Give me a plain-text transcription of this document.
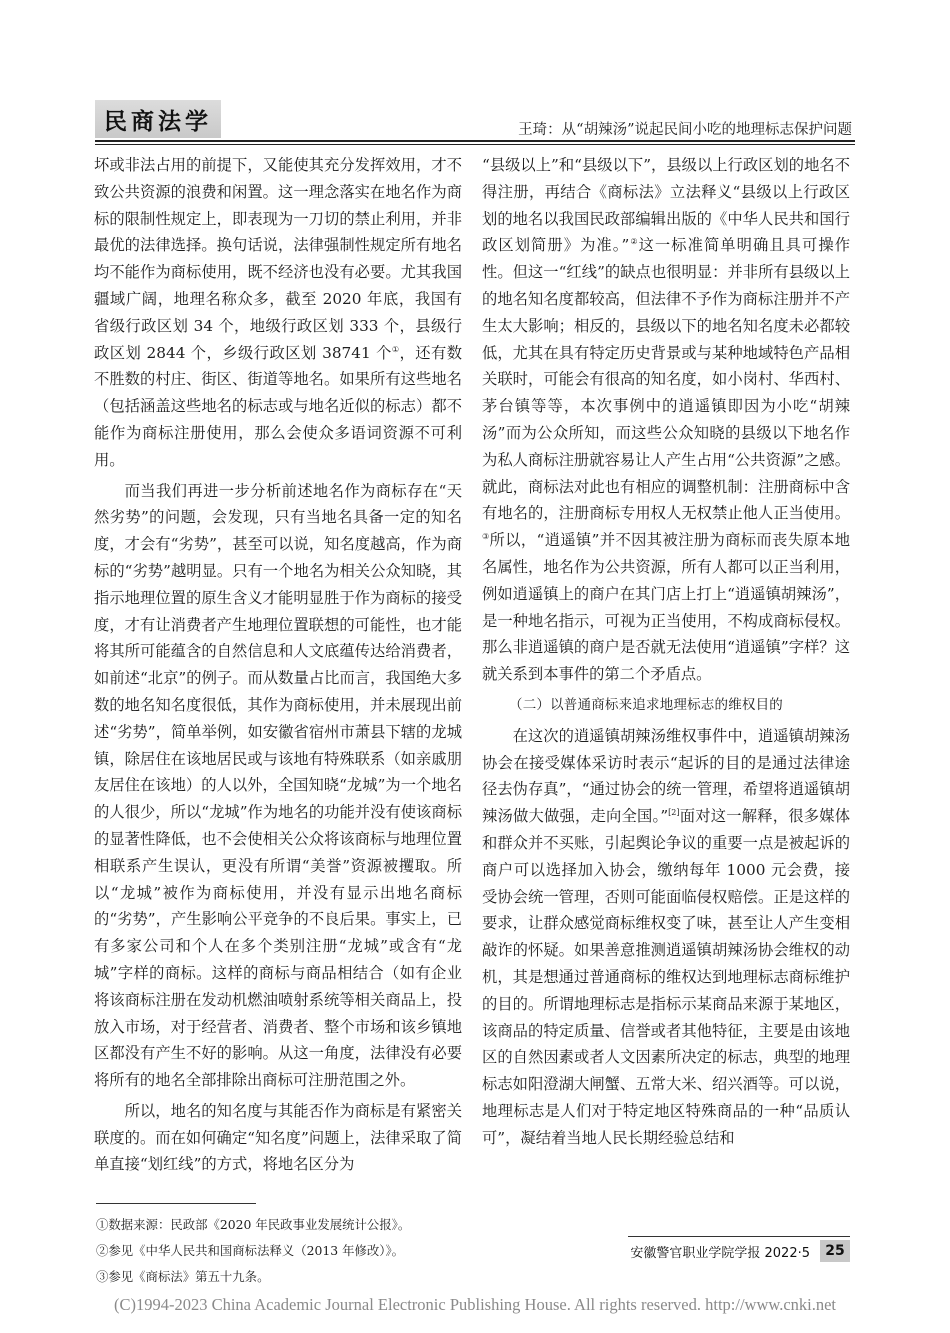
民商法学	王琦：从“胡辣汤”说起民间小吃的地理标志保护问题

坏或非法占用的前提下，又能使其充分发挥效用，才不致公共资源的浪费和闲置。这一理念落实在地名作为商标的限制性规定上，即表现为一刀切的禁止利用，并非最优的法律选择。换句话说，法律强制性规定所有地名均不能作为商标使用，既不经济也没有必要。尤其我国疆域广阔，地理名称众多，截至 2020 年底，我国有省级行政区划 34 个，地级行政区划 333 个，县级行政区划 2844 个，乡级行政区划 38741 个①，还有数不胜数的村庄、街区、街道等地名。如果所有这些地名（包括涵盖这些地名的标志或与地名近似的标志）都不能作为商标注册使用，那么会使众多语词资源不可利用。

而当我们再进一步分析前述地名作为商标存在“天然劣势”的问题，会发现，只有当地名具备一定的知名度，才会有“劣势”，甚至可以说，知名度越高，作为商标的“劣势”越明显。只有一个地名为相关公众知晓，其指示地理位置的原生含义才能明显胜于作为商标的接受度，才有让消费者产生地理位置联想的可能性，也才能将其所可能蕴含的自然信息和人文底蕴传达给消费者，如前述“北京”的例子。而从数量占比而言，我国绝大多数的地名知名度很低，其作为商标使用，并未展现出前述“劣势”，简单举例，如安徽省宿州市萧县下辖的龙城镇，除居住在该地居民或与该地有特殊联系（如亲戚朋友居住在该地）的人以外，全国知晓“龙城”为一个地名的人很少，所以“龙城”作为地名的功能并没有使该商标的显著性降低，也不会使相关公众将该商标与地理位置相联系产生误认，更没有所谓“美誉”资源被攫取。所以“龙城”被作为商标使用，并没有显示出地名商标的“劣势”，产生影响公平竞争的不良后果。事实上，已有多家公司和个人在多个类别注册“龙城”或含有“龙城”字样的商标。这样的商标与商品相结合（如有企业将该商标注册在发动机燃油喷射系统等相关商品上，投放入市场，对于经营者、消费者、整个市场和该乡镇地区都没有产生不好的影响。从这一角度，法律没有必要将所有的地名全部排除出商标可注册范围之外。

所以，地名的知名度与其能否作为商标是有紧密关联度的。而在如何确定“知名度”问题上，法律采取了简单直接“划红线”的方式，将地名区分为

“县级以上”和“县级以下”，县级以上行政区划的地名不得注册，再结合《商标法》立法释义“县级以上行政区划的地名以我国民政部编辑出版的《中华人民共和国行政区划简册》为准。”②这一标准简单明确且具可操作性。但这一“红线”的缺点也很明显：并非所有县级以上的地名知名度都较高，但法律不予作为商标注册并不产生太大影响；相反的，县级以下的地名知名度未必都较低，尤其在具有特定历史背景或与某种地域特色产品相关联时，可能会有很高的知名度，如小岗村、华西村、茅台镇等等，本次事例中的逍遥镇即因为小吃“胡辣汤”而为公众所知，而这些公众知晓的县级以下地名作为私人商标注册就容易让人产生占用“公共资源”之感。就此，商标法对此也有相应的调整机制：注册商标中含有地名的，注册商标专用权人无权禁止他人正当使用。③所以，“逍遥镇”并不因其被注册为商标而丧失原本地名属性，地名作为公共资源，所有人都可以正当利用，例如逍遥镇上的商户在其门店上打上“逍遥镇胡辣汤”，是一种地名指示，可视为正当使用，不构成商标侵权。那么非逍遥镇的商户是否就无法使用“逍遥镇”字样？这就关系到本事件的第二个矛盾点。

（二）以普通商标来追求地理标志的维权目的

在这次的逍遥镇胡辣汤维权事件中，逍遥镇胡辣汤协会在接受媒体采访时表示“起诉的目的是通过法律途径去伪存真”，“通过协会的统一管理，希望将逍遥镇胡辣汤做大做强，走向全国。”[2]面对这一解释，很多媒体和群众并不买账，引起舆论争议的重要一点是被起诉的商户可以选择加入协会，缴纳每年 1000 元会费，接受协会统一管理，否则可能面临侵权赔偿。正是这样的要求，让群众感觉商标维权变了味，甚至让人产生变相敲诈的怀疑。如果善意推测逍遥镇胡辣汤协会维权的动机，其是想通过普通商标的维权达到地理标志商标维护的目的。所谓地理标志是指标示某商品来源于某地区，该商品的特定质量、信誉或者其他特征，主要是由该地区的自然因素或者人文因素所决定的标志，典型的地理标志如阳澄湖大闸蟹、五常大米、绍兴酒等。可以说，地理标志是人们对于特定地区特殊商品的一种“品质认可”，凝结着当地人民长期经验总结和

①数据来源：民政部《2020 年民政事业发展统计公报》。
②参见《中华人民共和国商标法释义（2013 年修改）》。
③参见《商标法》第五十九条。
安徽警官职业学院学报 2022·5	25
(C)1994-2023 China Academic Journal Electronic Publishing House. All rights reserved. http://www.cnki.net
